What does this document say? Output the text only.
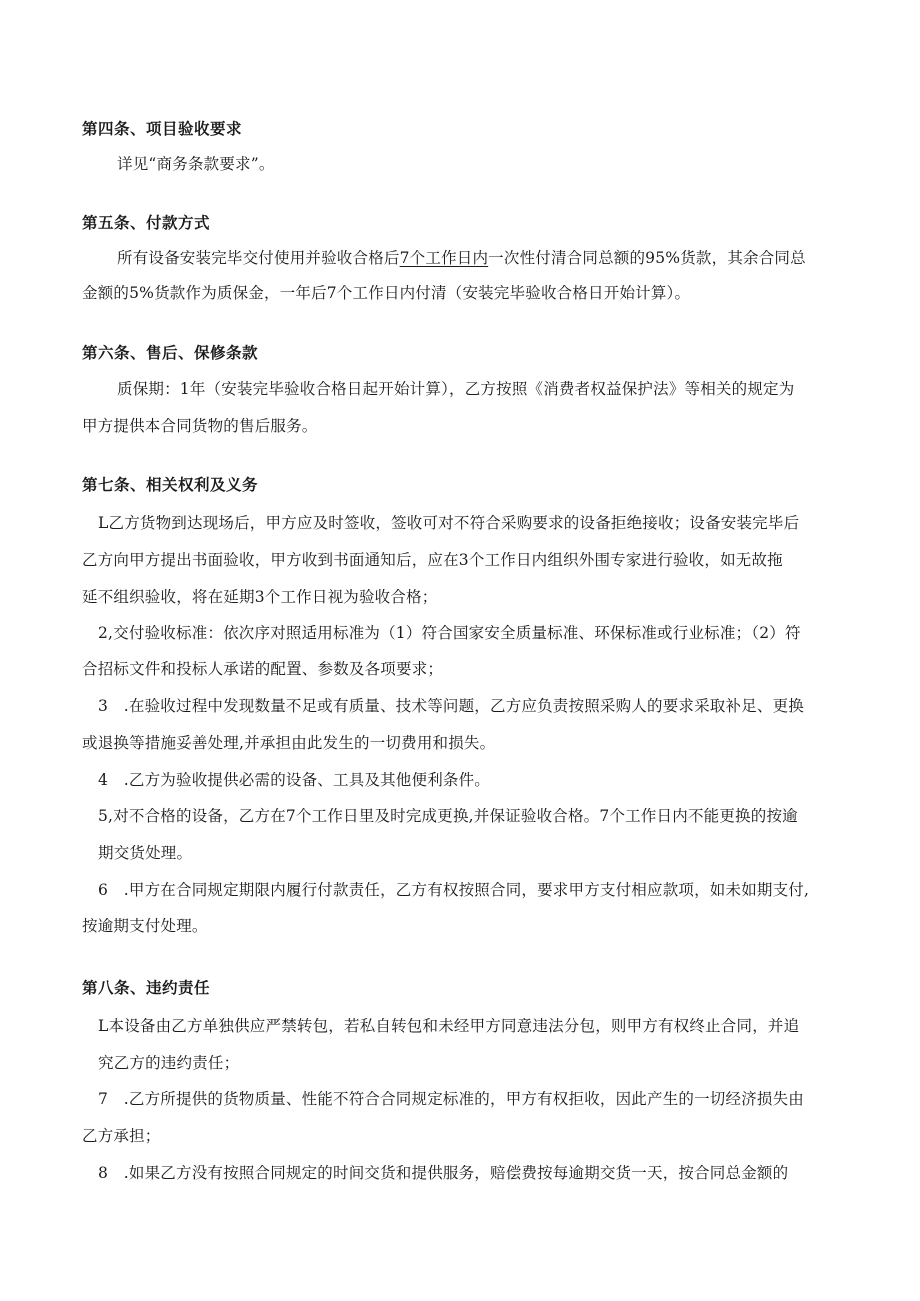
第四条、项目验收要求
详见“商务条款要求”。
第五条、付款方式
所有设备安装完毕交付使用并验收合格后7个工作日内一次性付清合同总额的95%货款，其余合同总
金额的5%货款作为质保金，一年后7个工作日内付清（安装完毕验收合格日开始计算）。
第六条、售后、保修条款
质保期：1年（安装完毕验收合格日起开始计算），乙方按照《消费者权益保护法》等相关的规定为
甲方提供本合同货物的售后服务。
第七条、相关权利及义务
L乙方货物到达现场后，甲方应及时签收，签收可对不符合采购要求的设备拒绝接收；设备安装完毕后
乙方向甲方提出书面验收，甲方收到书面通知后，应在3个工作日内组织外围专家进行验收，如无故拖
延不组织验收，将在延期3个工作日视为验收合格；
2,交付验收标准：依次序对照适用标准为（1）符合国家安全质量标准、环保标准或行业标准；（2）符
合招标文件和投标人承诺的配置、参数及各项要求；
3　.在验收过程中发现数量不足或有质量、技术等问题，乙方应负责按照采购人的要求采取补足、更换
或退换等措施妥善处理,并承担由此发生的一切费用和损失。
4　.乙方为验收提供必需的设备、工具及其他便利条件。
5,对不合格的设备，乙方在7个工作日里及时完成更换,并保证验收合格。7个工作日内不能更换的按逾
期交货处理。
6　.甲方在合同规定期限内履行付款责任，乙方有权按照合同，要求甲方支付相应款项，如未如期支付,
按逾期支付处理。
第八条、违约责任
L本设备由乙方单独供应严禁转包，若私自转包和未经甲方同意违法分包，则甲方有权终止合同，并追
究乙方的违约责任；
7　.乙方所提供的货物质量、性能不符合合同规定标准的，甲方有权拒收，因此产生的一切经济损失由
乙方承担；
8　.如果乙方没有按照合同规定的时间交货和提供服务，赔偿费按每逾期交货一天，按合同总金额的
